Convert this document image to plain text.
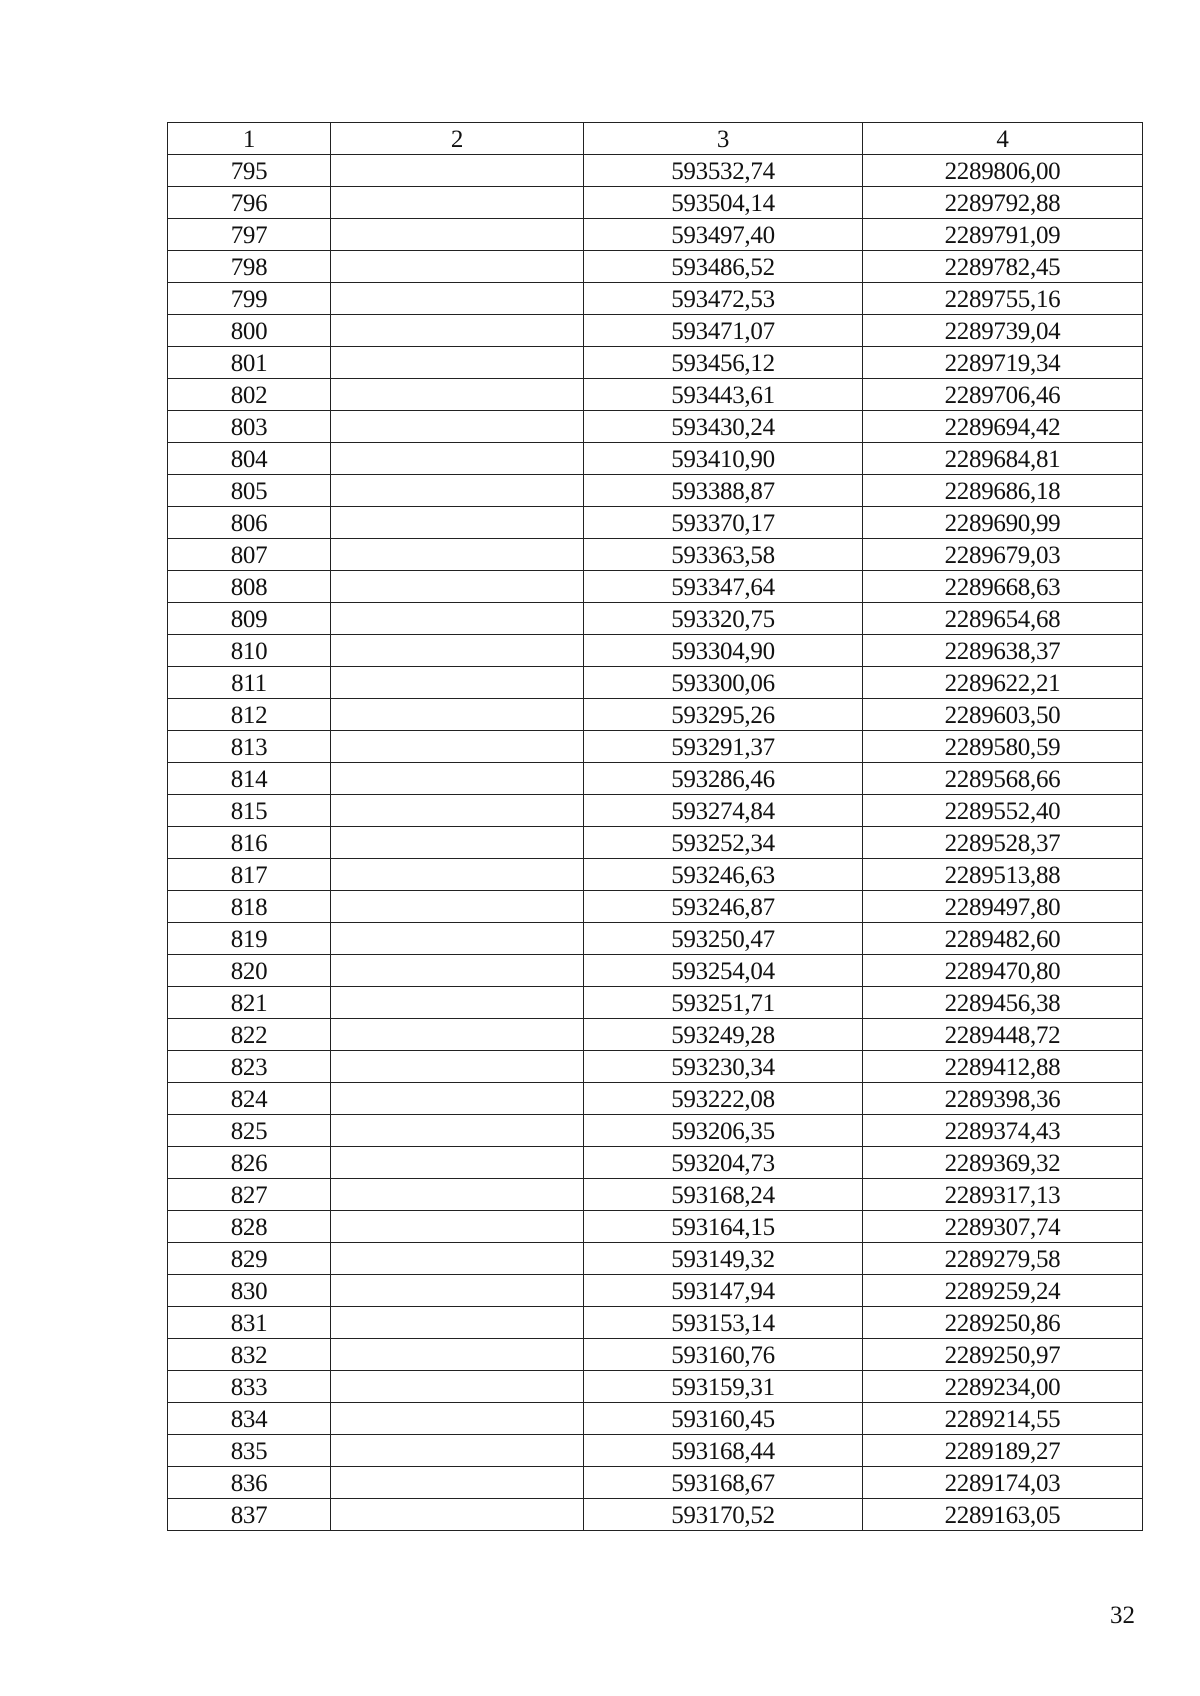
1	2	3	4
795		593532,74	2289806,00
796		593504,14	2289792,88
797		593497,40	2289791,09
798		593486,52	2289782,45
799		593472,53	2289755,16
800		593471,07	2289739,04
801		593456,12	2289719,34
802		593443,61	2289706,46
803		593430,24	2289694,42
804		593410,90	2289684,81
805		593388,87	2289686,18
806		593370,17	2289690,99
807		593363,58	2289679,03
808		593347,64	2289668,63
809		593320,75	2289654,68
810		593304,90	2289638,37
811		593300,06	2289622,21
812		593295,26	2289603,50
813		593291,37	2289580,59
814		593286,46	2289568,66
815		593274,84	2289552,40
816		593252,34	2289528,37
817		593246,63	2289513,88
818		593246,87	2289497,80
819		593250,47	2289482,60
820		593254,04	2289470,80
821		593251,71	2289456,38
822		593249,28	2289448,72
823		593230,34	2289412,88
824		593222,08	2289398,36
825		593206,35	2289374,43
826		593204,73	2289369,32
827		593168,24	2289317,13
828		593164,15	2289307,74
829		593149,32	2289279,58
830		593147,94	2289259,24
831		593153,14	2289250,86
832		593160,76	2289250,97
833		593159,31	2289234,00
834		593160,45	2289214,55
835		593168,44	2289189,27
836		593168,67	2289174,03
837		593170,52	2289163,05
32
